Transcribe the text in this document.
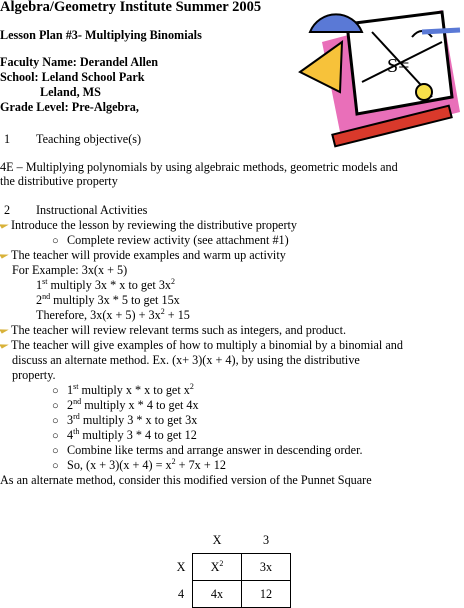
Algebra/Geometry Institute Summer 2005
Lesson Plan #3- Multiplying Binomials
Faculty Name: Derandel Allen
School: Leland School Park
Leland, MS
Grade Level: Pre-Algebra,
S=
1 Teaching objective(s)
4E – Multiplying polynomials by using algebraic methods, geometric models and
the distributive property
2 Instructional Activities
Introduce the lesson by reviewing the distributive property
○ Complete review activity (see attachment #1)
The teacher will provide examples and warm up activity
For Example: 3x(x + 5)
1st multiply 3x * x to get $3x^2$
2nd multiply 3x * 5 to get 15x
Therefore, $3x(x + 5) + 3x^2 + 15$
The teacher will review relevant terms such as integers, and product.
The teacher will give examples of how to multiply a binomial by a binomial and
discuss an alternate method. Ex. (x+ 3)(x + 4), by using the distributive
property.
○ 1st multiply x * x to get $x^2$
○ 2nd multiply x * 4 to get 4x
○ 3rd multiply 3 * x to get 3x
○ 4th multiply 3 * 4 to get 12
○ Combine like terms and arrange answer in descending order.
○ So, $(x + 3)(x + 4) = x^2 + 7x + 12$
As an alternate method, consider this modified version of the Punnet Square
	X	3
X	$X^2$	3x
4	4x	12
